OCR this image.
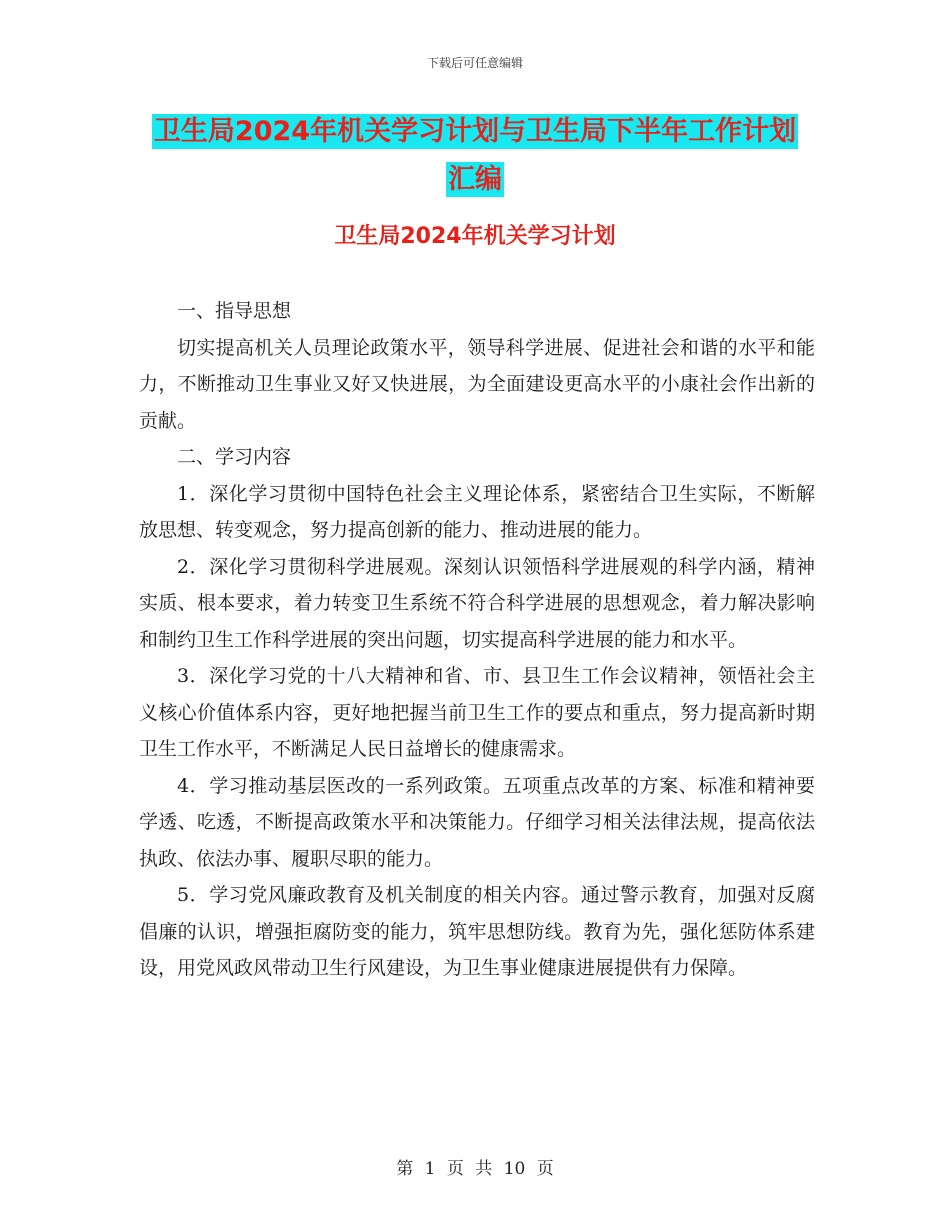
下载后可任意编辑
卫生局2024年机关学习计划与卫生局下半年工作计划
汇编
卫生局2024年机关学习计划

一、指导思想

切实提高机关人员理论政策水平，领导科学进展、促进社会和谐的水平和能力，不断推动卫生事业又好又快进展，为全面建设更高水平的小康社会作出新的贡献。

二、学习内容

1．深化学习贯彻中国特色社会主义理论体系，紧密结合卫生实际，不断解放思想、转变观念，努力提高创新的能力、推动进展的能力。

2．深化学习贯彻科学进展观。深刻认识领悟科学进展观的科学内涵，精神实质、根本要求，着力转变卫生系统不符合科学进展的思想观念，着力解决影响和制约卫生工作科学进展的突出问题，切实提高科学进展的能力和水平。

3．深化学习党的十八大精神和省、市、县卫生工作会议精神，领悟社会主义核心价值体系内容，更好地把握当前卫生工作的要点和重点，努力提高新时期卫生工作水平，不断满足人民日益增长的健康需求。

4．学习推动基层医改的一系列政策。五项重点改革的方案、标准和精神要学透、吃透，不断提高政策水平和决策能力。仔细学习相关法律法规，提高依法执政、依法办事、履职尽职的能力。

5．学习党风廉政教育及机关制度的相关内容。通过警示教育，加强对反腐倡廉的认识，增强拒腐防变的能力，筑牢思想防线。教育为先，强化惩防体系建设，用党风政风带动卫生行风建设，为卫生事业健康进展提供有力保障。

第 1 页 共 10 页
